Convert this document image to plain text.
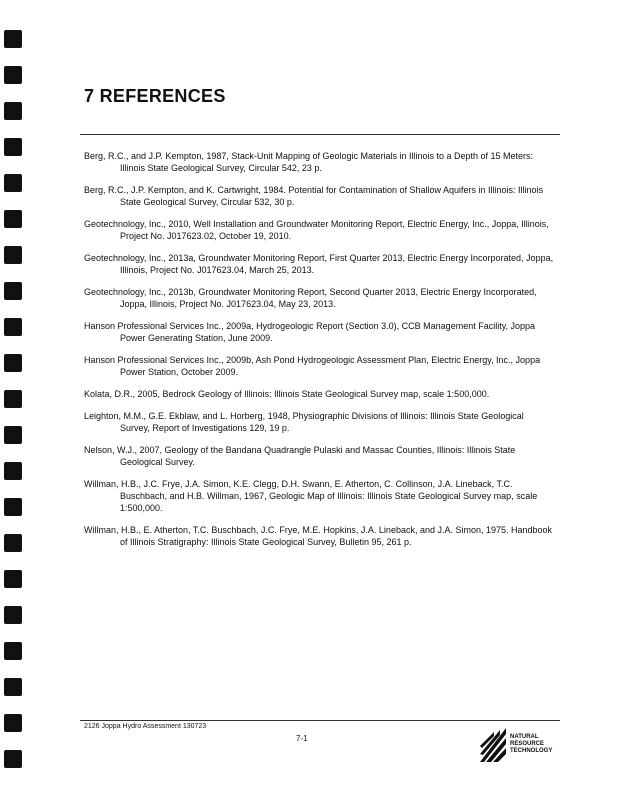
7 REFERENCES

Berg, R.C., and J.P. Kempton, 1987, Stack-Unit Mapping of Geologic Materials in Illinois to a Depth of 15 Meters: Illinois State Geological Survey, Circular 542, 23 p.

Berg, R.C., J.P. Kempton, and K. Cartwright, 1984. Potential for Contamination of Shallow Aquifers in Illinois: Illinois State Geological Survey, Circular 532, 30 p.

Geotechnology, Inc., 2010, Well Installation and Groundwater Monitoring Report, Electric Energy, Inc., Joppa, Illinois, Project No. J017623.02, October 19, 2010.

Geotechnology, Inc., 2013a, Groundwater Monitoring Report, First Quarter 2013, Electric Energy Incorporated, Joppa, Illinois, Project No. J017623.04, March 25, 2013.

Geotechnology, Inc., 2013b, Groundwater Monitoring Report, Second Quarter 2013, Electric Energy Incorporated, Joppa, Illinois, Project No. J017623.04, May 23, 2013.

Hanson Professional Services Inc., 2009a, Hydrogeologic Report (Section 3.0), CCB Management Facility, Joppa Power Generating Station, June 2009.

Hanson Professional Services Inc., 2009b, Ash Pond Hydrogeologic Assessment Plan, Electric Energy, Inc., Joppa Power Station, October 2009.

Kolata, D.R., 2005, Bedrock Geology of Illinois: Illinois State Geological Survey map, scale 1:500,000.

Leighton, M.M., G.E. Ekblaw, and L. Horberg, 1948, Physiographic Divisions of Illinois: Illinois State Geological Survey, Report of Investigations 129, 19 p.

Nelson, W.J., 2007, Geology of the Bandana Quadrangle Pulaski and Massac Counties, Illinois: Illinois State Geological Survey.

Willman, H.B., J.C. Frye, J.A. Simon, K.E. Clegg, D.H. Swann, E. Atherton, C. Collinson, J.A. Lineback, T.C. Buschbach, and H.B. Willman, 1967, Geologic Map of Illinois: Illinois State Geological Survey map, scale 1:500,000.

Willman, H.B., E. Atherton, T.C. Buschbach, J.C. Frye, M.E. Hopkins, J.A. Lineback, and J.A. Simon, 1975. Handbook of Illinois Stratigraphy: Illinois State Geological Survey, Bulletin 95, 261 p.

2126 Joppa Hydro Assessment 130723
7-1	NATURAL
RESOURCE
TECHNOLOGY
